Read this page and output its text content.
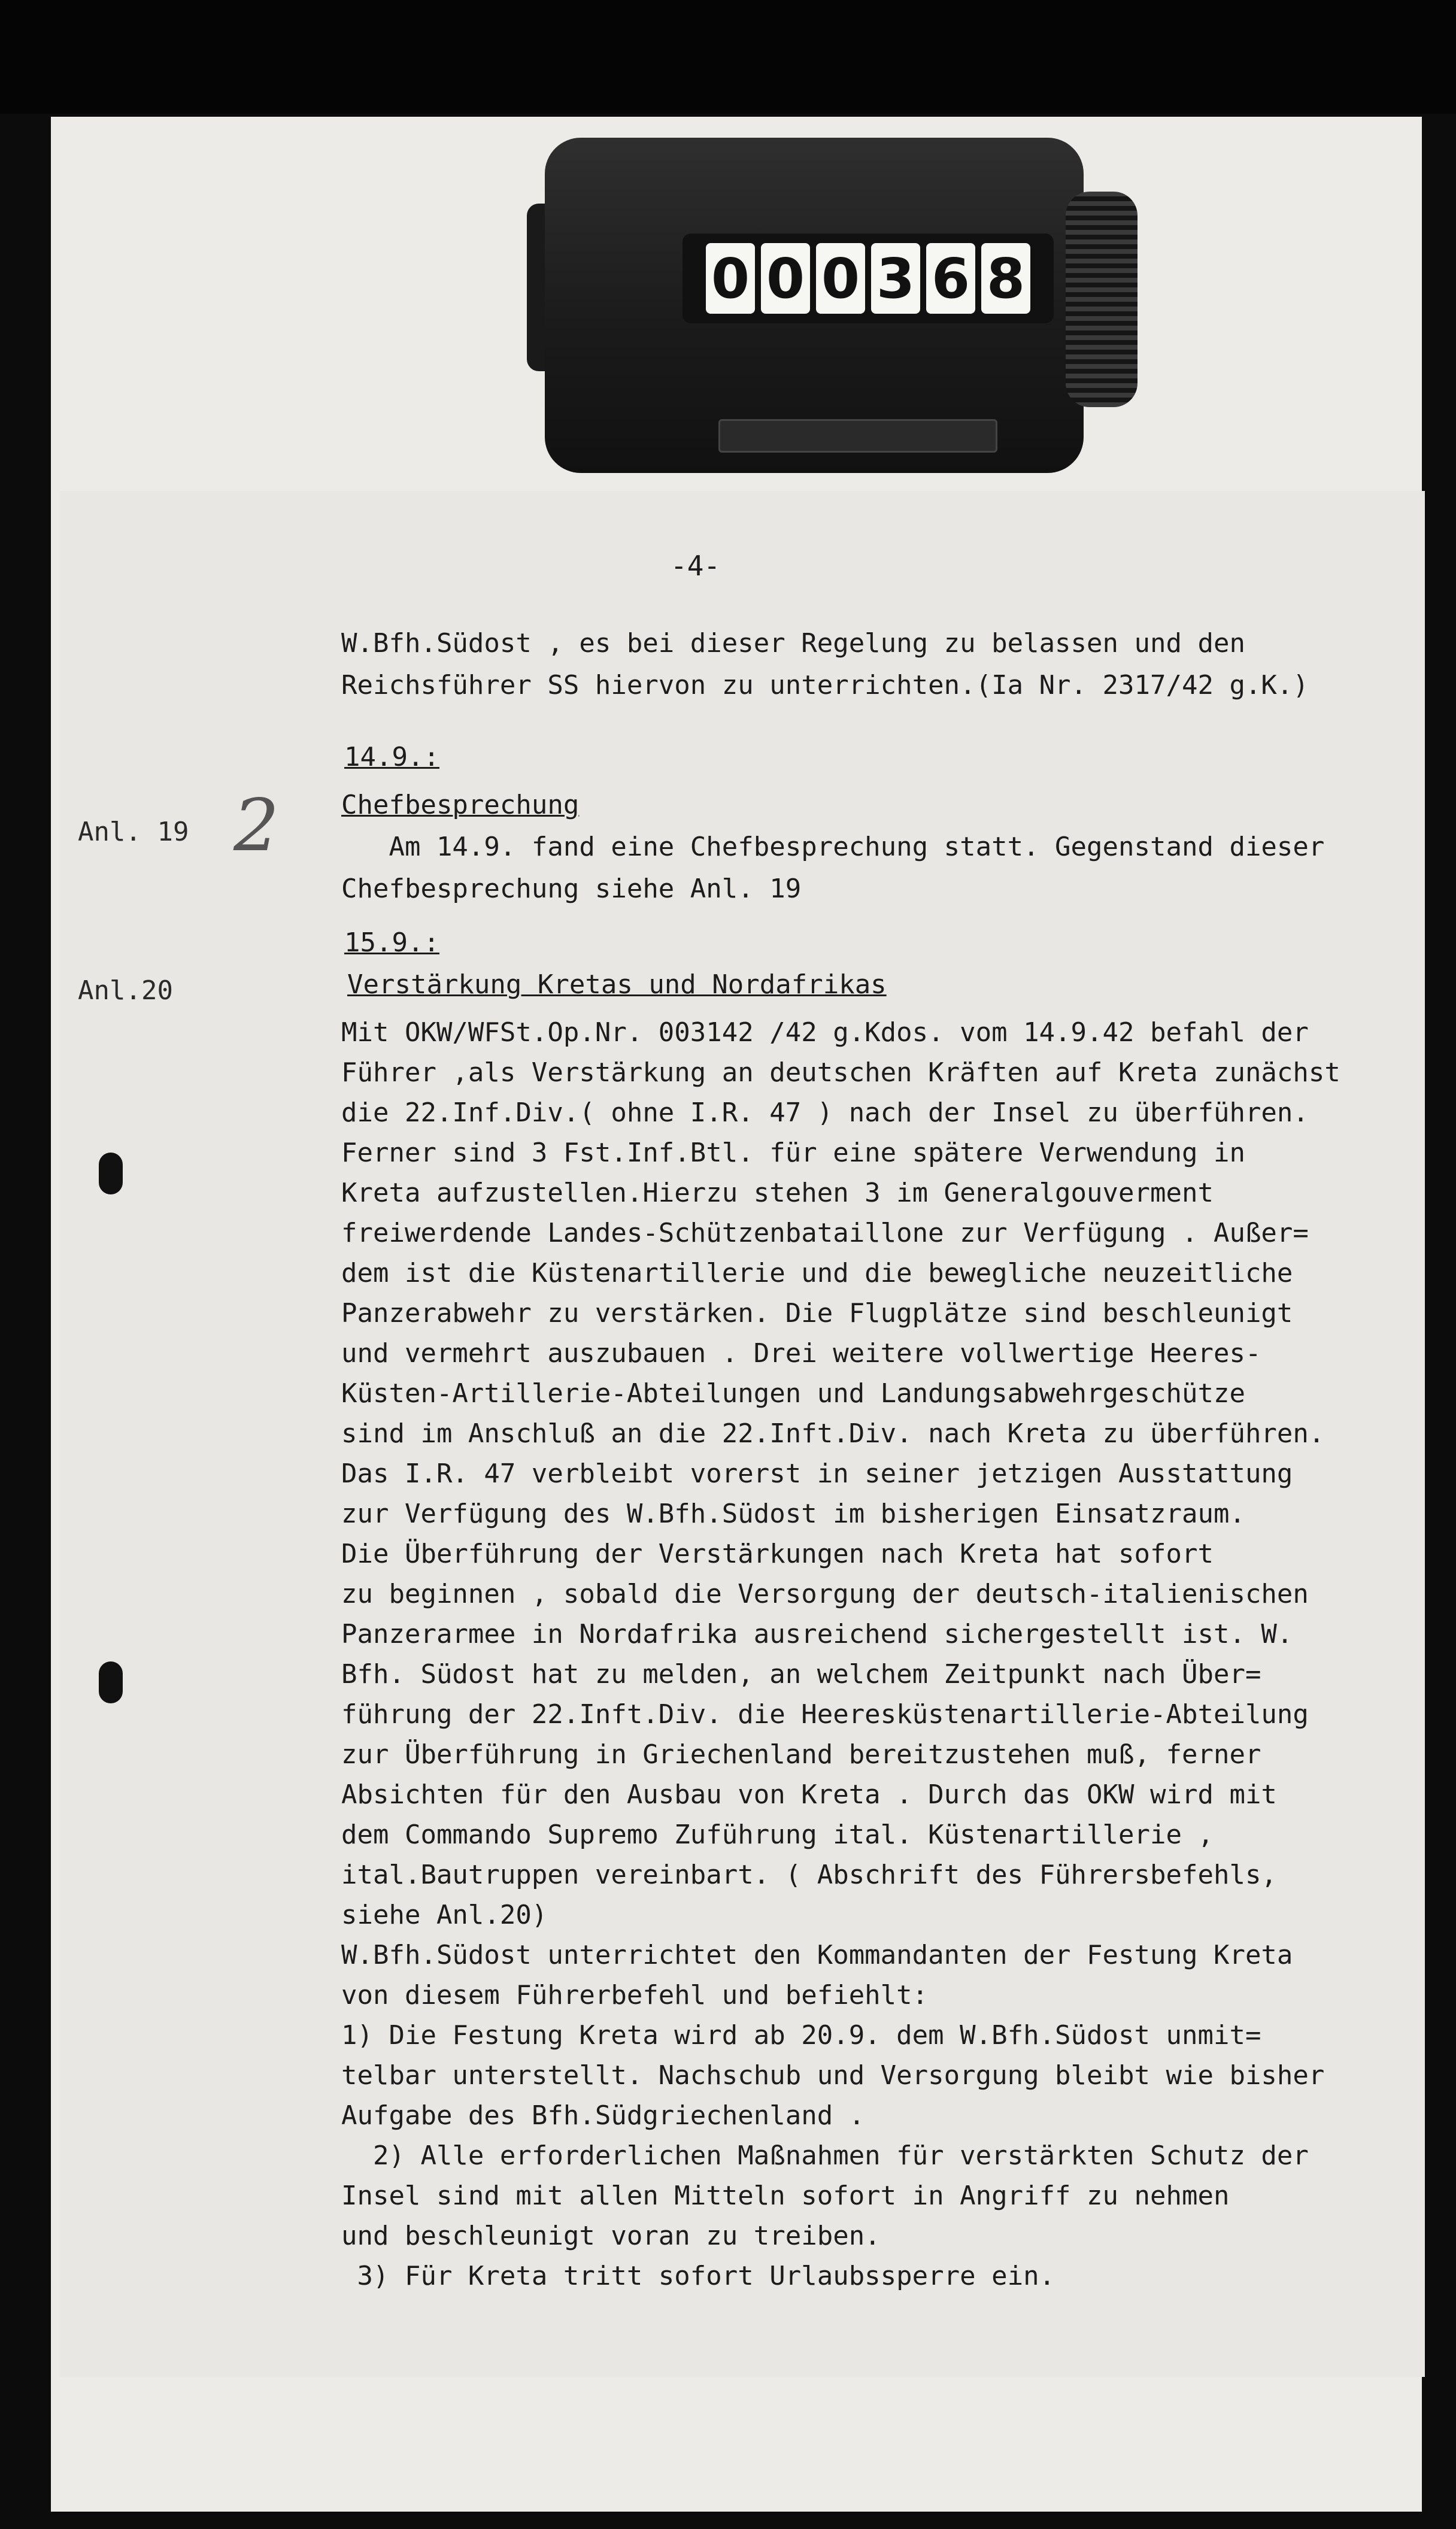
0 0 0 3 6 8
-4-
W.Bfh.Südost , es bei dieser Regelung zu belassen und den
Reichsführer SS hiervon zu unterrichten.(Ia Nr. 2317/42 g.K.)
14.9.:
Chefbesprechung
Anl. 19 2 Am 14.9. fand eine Chefbesprechung statt. Gegenstand dieser
Chefbesprechung siehe Anl. 19
15.9.:
Verstärkung Kretas und Nordafrikas
Anl.20
Mit OKW/WFSt.Op.Nr. 003142 /42 g.Kdos. vom 14.9.42 befahl der
Führer ,als Verstärkung an deutschen Kräften auf Kreta zunächst
die 22.Inf.Div.( ohne I.R. 47 ) nach der Insel zu überführen.
Ferner sind 3 Fst.Inf.Btl. für eine spätere Verwendung in
Kreta aufzustellen.Hierzu stehen 3 im Generalgouverment
freiwerdende Landes-Schützenbataillone zur Verfügung . Außer=
dem ist die Küstenartillerie und die bewegliche neuzeitliche
Panzerabwehr zu verstärken. Die Flugplätze sind beschleunigt
und vermehrt auszubauen . Drei weitere vollwertige Heeres-
Küsten-Artillerie-Abteilungen und Landungsabwehrgeschütze
sind im Anschluß an die 22.Inft.Div. nach Kreta zu überführen.
Das I.R. 47 verbleibt vorerst in seiner jetzigen Ausstattung
zur Verfügung des W.Bfh.Südost im bisherigen Einsatzraum.
Die Überführung der Verstärkungen nach Kreta hat sofort
zu beginnen , sobald die Versorgung der deutsch-italienischen
Panzerarmee in Nordafrika ausreichend sichergestellt ist. W.
Bfh. Südost hat zu melden, an welchem Zeitpunkt nach Über=
führung der 22.Inft.Div. die Heeresküstenartillerie-Abteilung
zur Überführung in Griechenland bereitzustehen muß, ferner
Absichten für den Ausbau von Kreta . Durch das OKW wird mit
dem Commando Supremo Zuführung ital. Küstenartillerie ,
ital.Bautruppen vereinbart. ( Abschrift des Führersbefehls,
siehe Anl.20)
W.Bfh.Südost unterrichtet den Kommandanten der Festung Kreta
von diesem Führerbefehl und befiehlt:
1) Die Festung Kreta wird ab 20.9. dem W.Bfh.Südost unmit=
telbar unterstellt. Nachschub und Versorgung bleibt wie bisher
Aufgabe des Bfh.Südgriechenland .
2) Alle erforderlichen Maßnahmen für verstärkten Schutz der
Insel sind mit allen Mitteln sofort in Angriff zu nehmen
und beschleunigt voran zu treiben.
3) Für Kreta tritt sofort Urlaubssperre ein.
